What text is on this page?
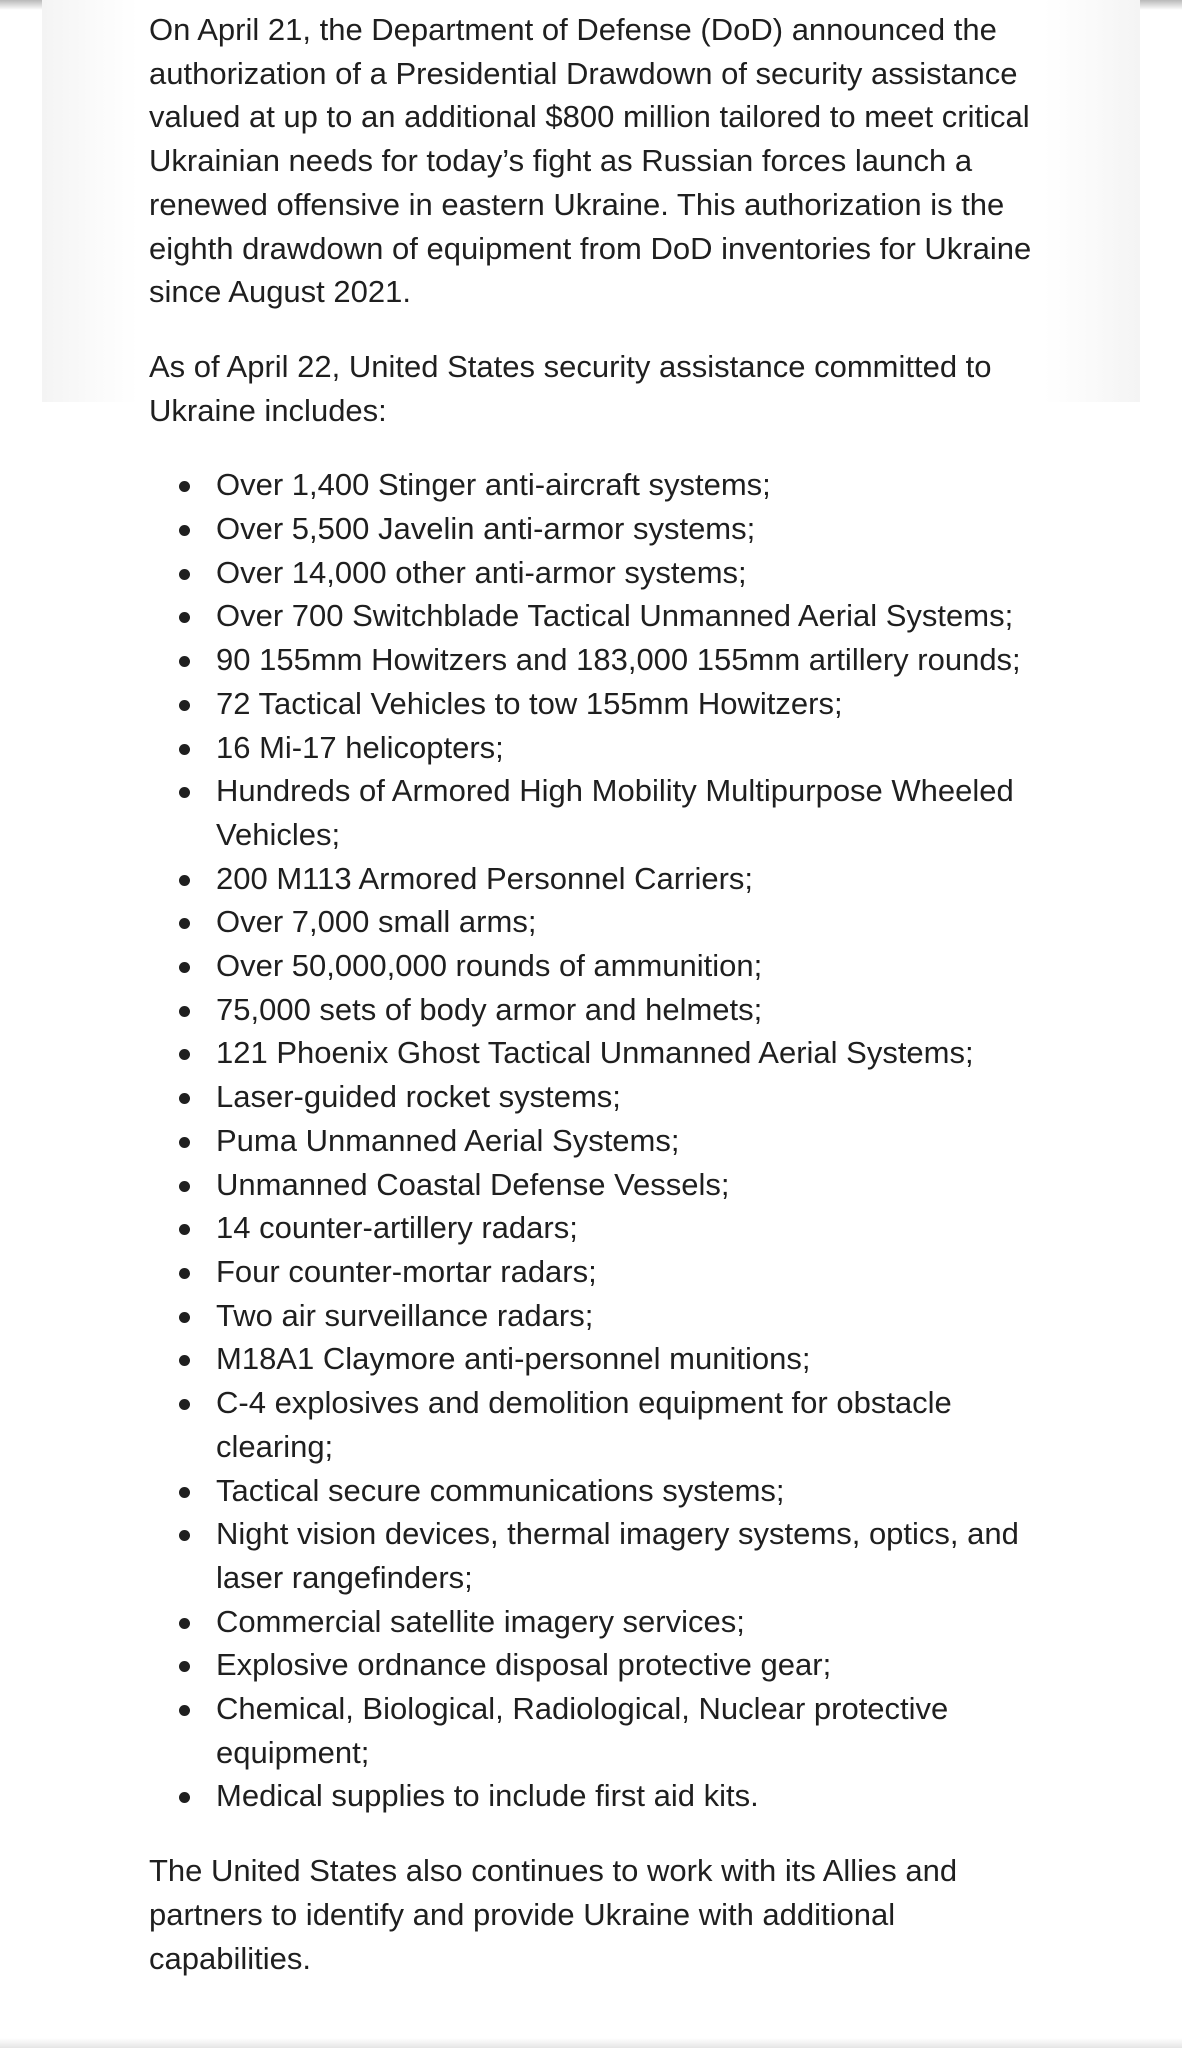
On April 21, the Department of Defense (DoD) announced the authorization of a Presidential Drawdown of security assistance valued at up to an additional $800 million tailored to meet critical Ukrainian needs for today’s fight as Russian forces launch a renewed offensive in eastern Ukraine. This authorization is the eighth drawdown of equipment from DoD inventories for Ukraine since August 2021.

As of April 22, United States security assistance committed to Ukraine includes:

Over 1,400 Stinger anti-aircraft systems;
Over 5,500 Javelin anti-armor systems;
Over 14,000 other anti-armor systems;
Over 700 Switchblade Tactical Unmanned Aerial Systems;
90 155mm Howitzers and 183,000 155mm artillery rounds;
72 Tactical Vehicles to tow 155mm Howitzers;
16 Mi-17 helicopters;
Hundreds of Armored High Mobility Multipurpose Wheeled Vehicles;
200 M113 Armored Personnel Carriers;
Over 7,000 small arms;
Over 50,000,000 rounds of ammunition;
75,000 sets of body armor and helmets;
121 Phoenix Ghost Tactical Unmanned Aerial Systems;
Laser-guided rocket systems;
Puma Unmanned Aerial Systems;
Unmanned Coastal Defense Vessels;
14 counter-artillery radars;
Four counter-mortar radars;
Two air surveillance radars;
M18A1 Claymore anti-personnel munitions;
C-4 explosives and demolition equipment for obstacle clearing;
Tactical secure communications systems;
Night vision devices, thermal imagery systems, optics, and laser rangefinders;
Commercial satellite imagery services;
Explosive ordnance disposal protective gear;
Chemical, Biological, Radiological, Nuclear protective equipment;
Medical supplies to include first aid kits.

The United States also continues to work with its Allies and partners to identify and provide Ukraine with additional capabilities.
